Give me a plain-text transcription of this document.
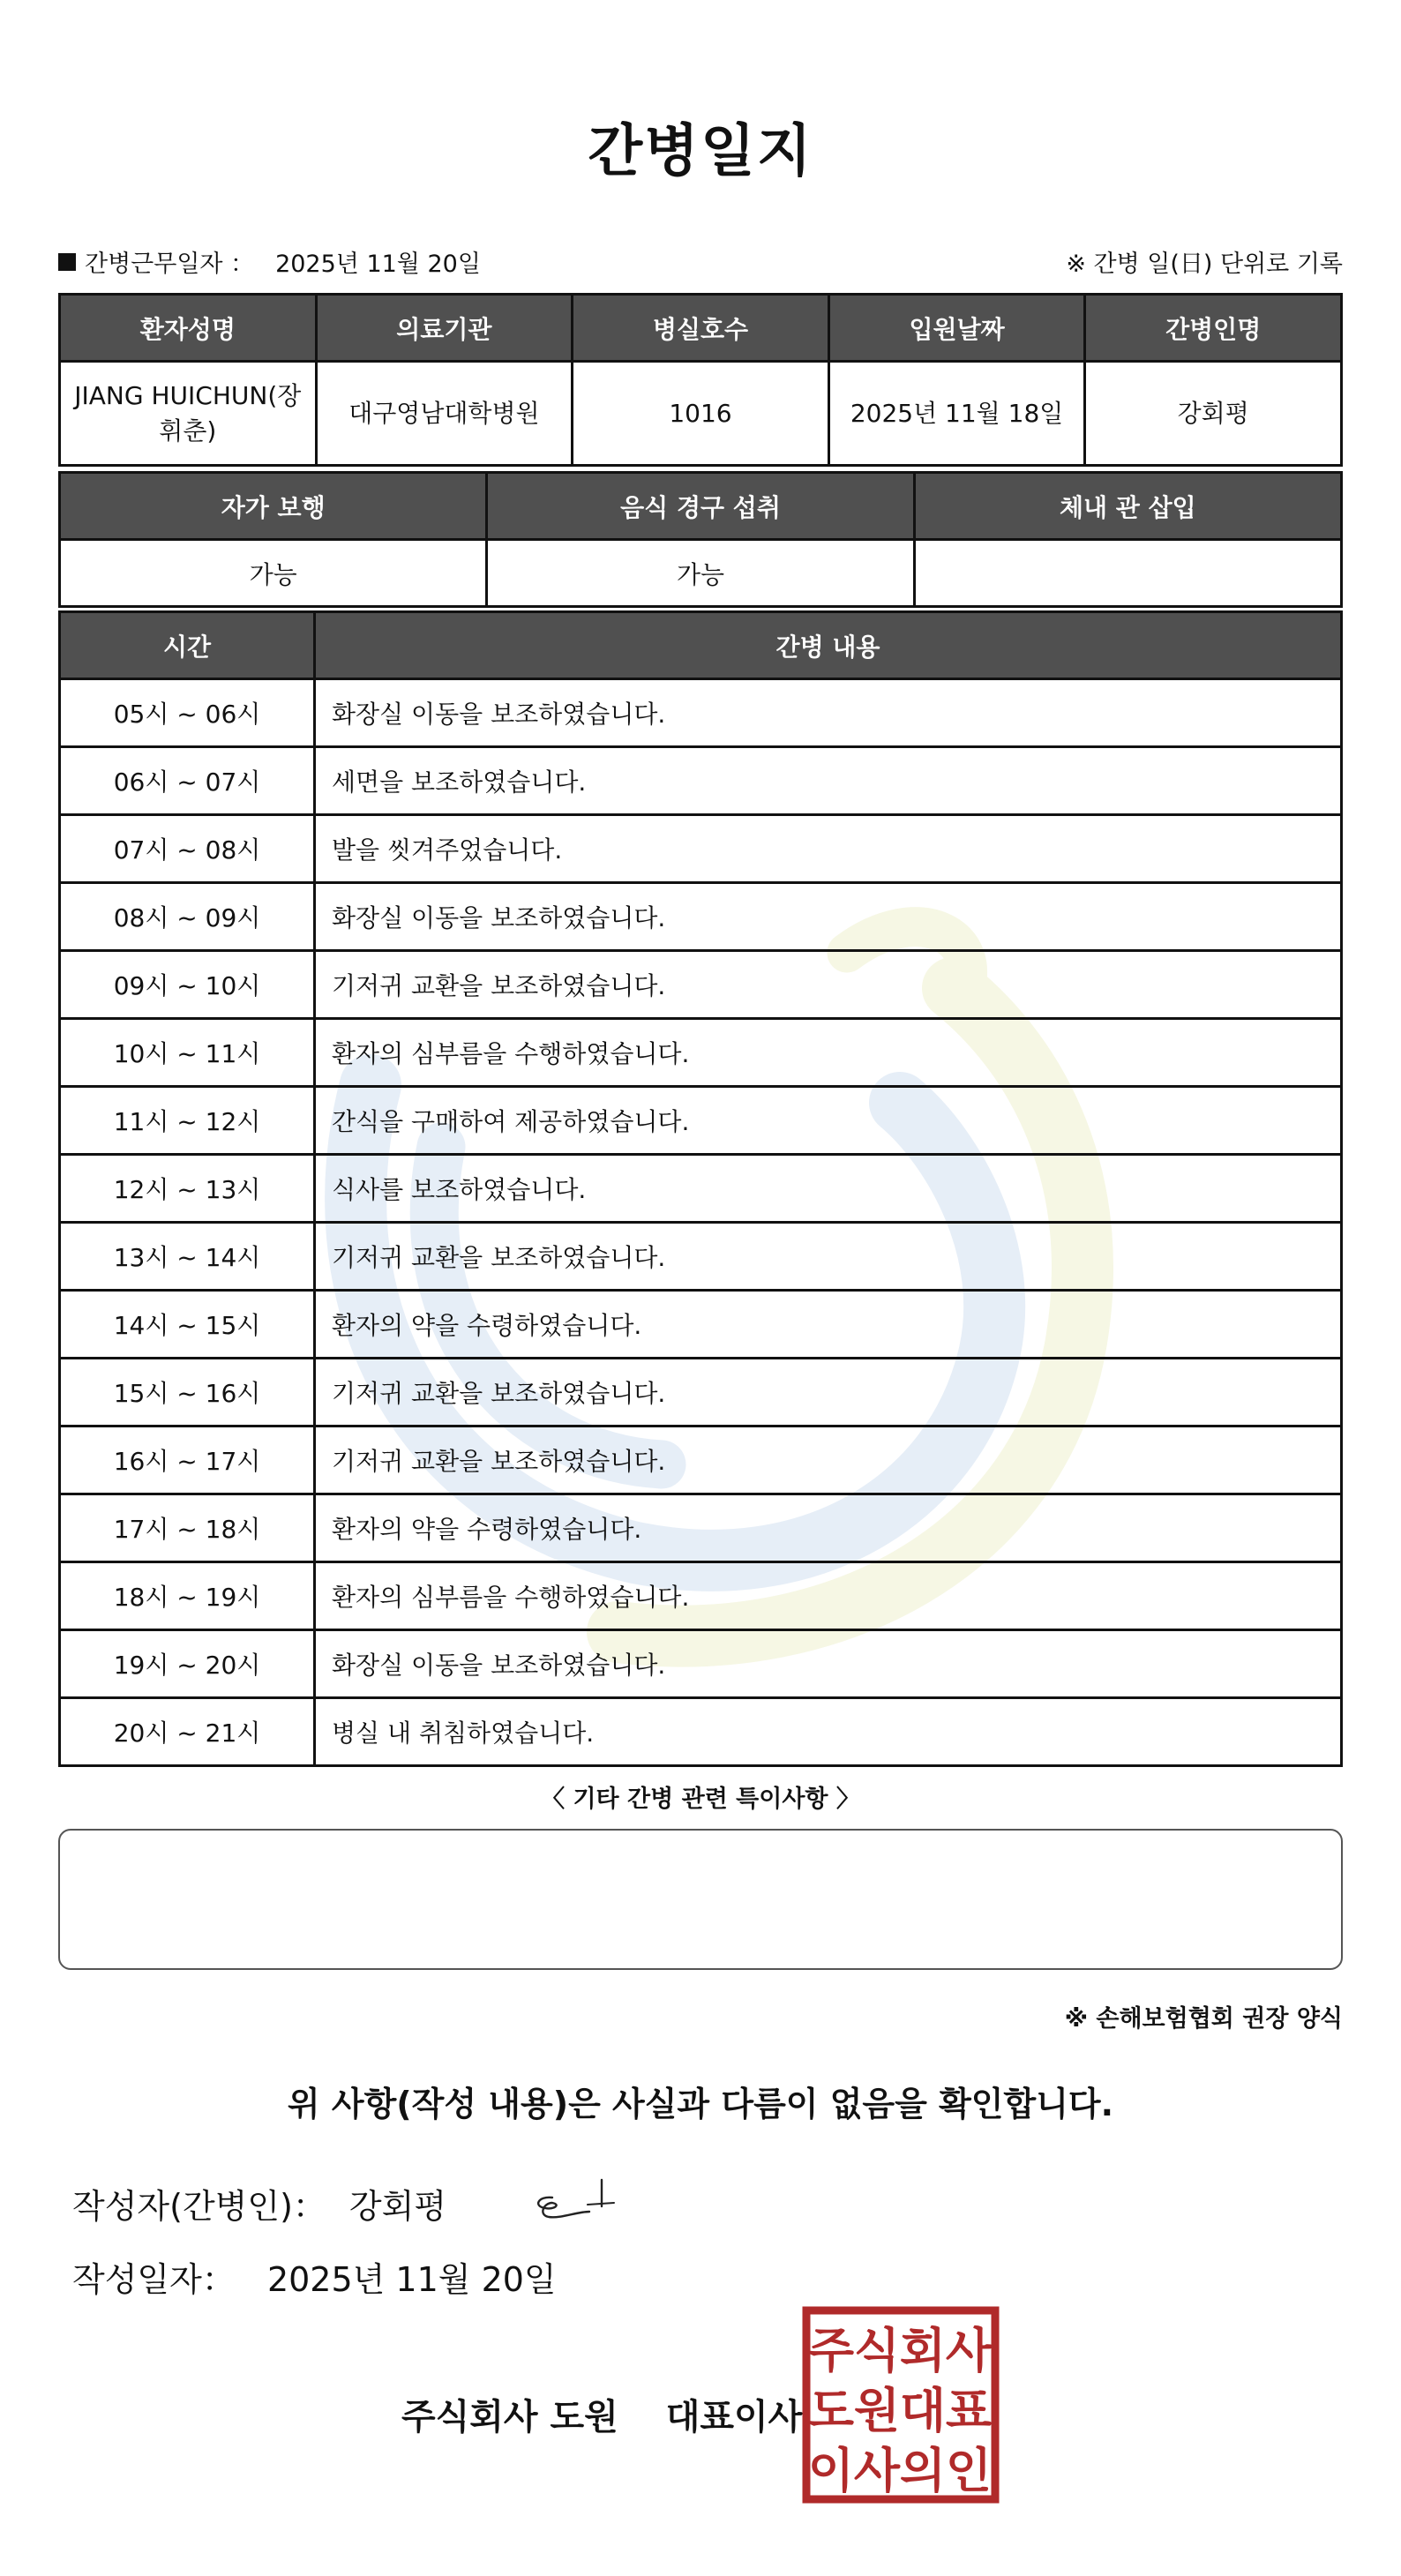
간병일지
간병근무일자 ： 2025년 11월 20일	※ 간병 일(日) 단위로 기록
환자성명	의료기관	병실호수	입원날짜	간병인명
JIANG HUICHUN(장휘춘)	대구영남대학병원	1016	2025년 11월 18일	강회평
자가 보행	음식 경구 섭취	체내 관 삽입
가능	가능	
시간	간병 내용
05시 ~ 06시	화장실 이동을 보조하였습니다.
06시 ~ 07시	세면을 보조하였습니다.
07시 ~ 08시	발을 씻겨주었습니다.
08시 ~ 09시	화장실 이동을 보조하였습니다.
09시 ~ 10시	기저귀 교환을 보조하였습니다.
10시 ~ 11시	환자의 심부름을 수행하였습니다.
11시 ~ 12시	간식을 구매하여 제공하였습니다.
12시 ~ 13시	식사를 보조하였습니다.
13시 ~ 14시	기저귀 교환을 보조하였습니다.
14시 ~ 15시	환자의 약을 수령하였습니다.
15시 ~ 16시	기저귀 교환을 보조하였습니다.
16시 ~ 17시	기저귀 교환을 보조하였습니다.
17시 ~ 18시	환자의 약을 수령하였습니다.
18시 ~ 19시	환자의 심부름을 수행하였습니다.
19시 ~ 20시	화장실 이동을 보조하였습니다.
20시 ~ 21시	병실 내 취침하였습니다.
〈 기타 간병 관련 특이사항 〉
※ 손해보험협회 권장 양식
위 사항(작성 내용)은 사실과 다름이 없음을 확인합니다.
작성자(간병인)： 강회평
작성일자： 2025년 11월 20일
주식회사 도원 대표이사
주 식 회 사
도 원 대 표
이 사 의 인
